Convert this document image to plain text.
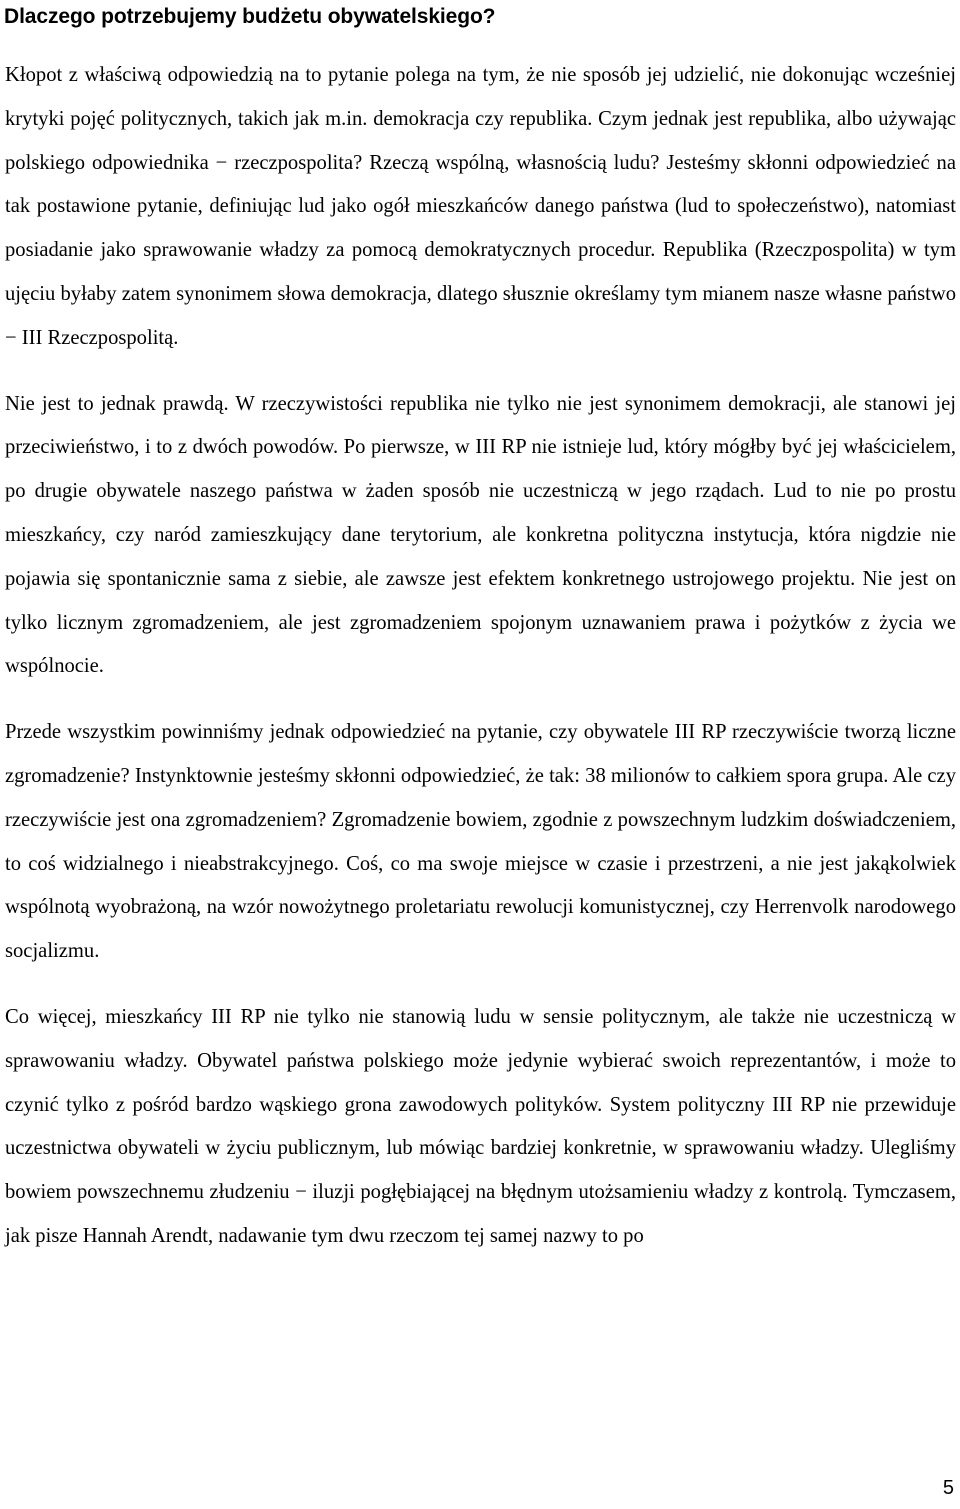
Dlaczego potrzebujemy budżetu obywatelskiego?

Kłopot z właściwą odpowiedzią na to pytanie polega na tym, że nie sposób jej udzielić, nie dokonując wcześniej krytyki pojęć politycznych, takich jak m.in. demokracja czy republika. Czym jednak jest republika, albo używając polskiego odpowiednika − rzeczpospolita? Rzeczą wspólną, własnością ludu? Jesteśmy skłonni odpowiedzieć na tak postawione pytanie, definiując lud jako ogół mieszkańców danego państwa (lud to społeczeństwo), natomiast posiadanie jako sprawowanie władzy za pomocą demokratycznych procedur. Republika (Rzeczpospolita) w tym ujęciu byłaby zatem synonimem słowa demokracja, dlatego słusznie określamy tym mianem nasze własne państwo − III Rzeczpospolitą.

Nie jest to jednak prawdą. W rzeczywistości republika nie tylko nie jest synonimem demokracji, ale stanowi jej przeciwieństwo, i to z dwóch powodów. Po pierwsze, w III RP nie istnieje lud, który mógłby być jej właścicielem, po drugie obywatele naszego państwa w żaden sposób nie uczestniczą w jego rządach. Lud to nie po prostu mieszkańcy, czy naród zamieszkujący dane terytorium, ale konkretna polityczna instytucja, która nigdzie nie pojawia się spontanicznie sama z siebie, ale zawsze jest efektem konkretnego ustrojowego projektu. Nie jest on tylko licznym zgromadzeniem, ale jest zgromadzeniem spojonym uznawaniem prawa i pożytków z życia we wspólnocie.

Przede wszystkim powinniśmy jednak odpowiedzieć na pytanie, czy obywatele III RP rzeczywiście tworzą liczne zgromadzenie? Instynktownie jesteśmy skłonni odpowiedzieć, że tak: 38 milionów to całkiem spora grupa. Ale czy rzeczywiście jest ona zgromadzeniem? Zgromadzenie bowiem, zgodnie z powszechnym ludzkim doświadczeniem, to coś widzialnego i nieabstrakcyjnego. Coś, co ma swoje miejsce w czasie i przestrzeni, a nie jest jakąkolwiek wspólnotą wyobrażoną, na wzór nowożytnego proletariatu rewolucji komunistycznej, czy Herrenvolk narodowego socjalizmu.

Co więcej, mieszkańcy III RP nie tylko nie stanowią ludu w sensie politycznym, ale także nie uczestniczą w sprawowaniu władzy. Obywatel państwa polskiego może jedynie wybierać swoich reprezentantów, i może to czynić tylko z pośród bardzo wąskiego grona zawodowych polityków. System polityczny III RP nie przewiduje uczestnictwa obywateli w życiu publicznym, lub mówiąc bardziej konkretnie, w sprawowaniu władzy. Ulegliśmy bowiem powszechnemu złudzeniu − iluzji pogłębiającej na błędnym utożsamieniu władzy z kontrolą. Tymczasem, jak pisze Hannah Arendt, nadawanie tym dwu rzeczom tej samej nazwy to po

5
